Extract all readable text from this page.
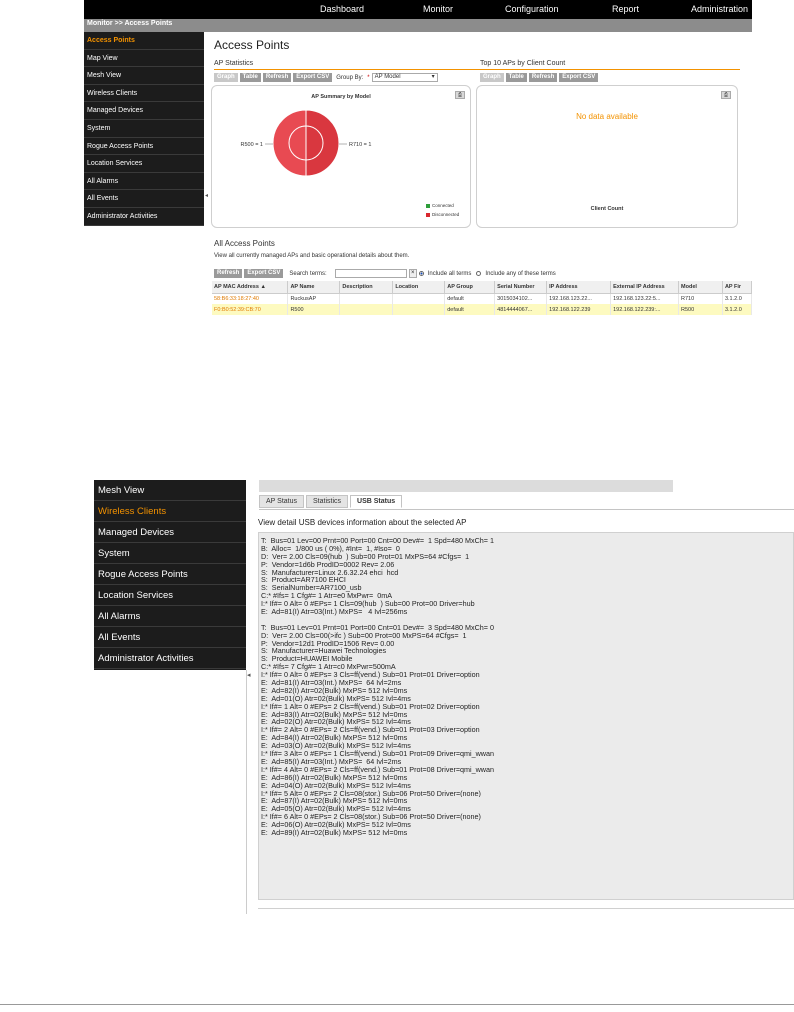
Dashboard	Monitor	Configuration	Report	Administration
Monitor >> Access Points
Access Points
Map View
Mesh View
Wireless Clients
Managed Devices
System
Rogue Access Points
Location Services
All Alarms
All Events
Administrator Activities
◂
Access Points
AP Statistics	Top 10 APs by Client Count
Graph	Table	Refresh	Export CSV	Group By: * AP Model ▾	Graph	Table	Refresh	Export CSV
AP Summary by Model	⎙
R500 = 1	R710 = 1
Connected
Disconnected
⎙
No data available
Client Count
All Access Points
View all currently managed APs and basic operational details about them.
Refresh	Export CSV	Search terms:	×	Include all terms Include any of these terms
AP MAC Address ▲	AP Name	Description	Location	AP Group	Serial Number	IP Address	External IP Address	Model	AP Fir
58:B6:33:18:27:40	RuckusAP			default	3015034102...	192.168.123.22...	192.168.123.22:5...	R710	3.1.2.0
F0:B0:52:39:CB:70	R500			default	4814444067...	192.168.122.239	192.168.122.239:...	R500	3.1.2.0
Mesh View
Wireless Clients
Managed Devices
System
Rogue Access Points
Location Services
All Alarms
All Events
Administrator Activities
◂
AP Status	Statistics	USB Status
View detail USB devices information about the selected AP
T:  Bus=01 Lev=00 Prnt=00 Port=00 Cnt=00 Dev#=  1 Spd=480 MxCh= 1
B:  Alloc=  1/800 us ( 0%), #Int=  1, #Iso=  0
D:  Ver= 2.00 Cls=09(hub  ) Sub=00 Prot=01 MxPS=64 #Cfgs=  1
P:  Vendor=1d6b ProdID=0002 Rev= 2.06
S:  Manufacturer=Linux 2.6.32.24 ehci_hcd
S:  Product=AR7100 EHCI
S:  SerialNumber=AR7100_usb
C:* #Ifs= 1 Cfg#= 1 Atr=e0 MxPwr=  0mA
I:* If#= 0 Alt= 0 #EPs= 1 Cls=09(hub  ) Sub=00 Prot=00 Driver=hub
E:  Ad=81(I) Atr=03(Int.) MxPS=   4 Ivl=256ms

T:  Bus=01 Lev=01 Prnt=01 Port=00 Cnt=01 Dev#=  3 Spd=480 MxCh= 0
D:  Ver= 2.00 Cls=00(>ifc ) Sub=00 Prot=00 MxPS=64 #Cfgs=  1
P:  Vendor=12d1 ProdID=1506 Rev= 0.00
S:  Manufacturer=Huawei Technologies
S:  Product=HUAWEI Mobile
C:* #Ifs= 7 Cfg#= 1 Atr=c0 MxPwr=500mA
I:* If#= 0 Alt= 0 #EPs= 3 Cls=ff(vend.) Sub=01 Prot=01 Driver=option
E:  Ad=81(I) Atr=03(Int.) MxPS=  64 Ivl=2ms
E:  Ad=82(I) Atr=02(Bulk) MxPS= 512 Ivl=0ms
E:  Ad=01(O) Atr=02(Bulk) MxPS= 512 Ivl=4ms
I:* If#= 1 Alt= 0 #EPs= 2 Cls=ff(vend.) Sub=01 Prot=02 Driver=option
E:  Ad=83(I) Atr=02(Bulk) MxPS= 512 Ivl=0ms
E:  Ad=02(O) Atr=02(Bulk) MxPS= 512 Ivl=4ms
I:* If#= 2 Alt= 0 #EPs= 2 Cls=ff(vend.) Sub=01 Prot=03 Driver=option
E:  Ad=84(I) Atr=02(Bulk) MxPS= 512 Ivl=0ms
E:  Ad=03(O) Atr=02(Bulk) MxPS= 512 Ivl=4ms
I:* If#= 3 Alt= 0 #EPs= 1 Cls=ff(vend.) Sub=01 Prot=09 Driver=qmi_wwan
E:  Ad=85(I) Atr=03(Int.) MxPS=  64 Ivl=2ms
I:* If#= 4 Alt= 0 #EPs= 2 Cls=ff(vend.) Sub=01 Prot=08 Driver=qmi_wwan
E:  Ad=86(I) Atr=02(Bulk) MxPS= 512 Ivl=0ms
E:  Ad=04(O) Atr=02(Bulk) MxPS= 512 Ivl=4ms
I:* If#= 5 Alt= 0 #EPs= 2 Cls=08(stor.) Sub=06 Prot=50 Driver=(none)
E:  Ad=87(I) Atr=02(Bulk) MxPS= 512 Ivl=0ms
E:  Ad=05(O) Atr=02(Bulk) MxPS= 512 Ivl=4ms
I:* If#= 6 Alt= 0 #EPs= 2 Cls=08(stor.) Sub=06 Prot=50 Driver=(none)
E:  Ad=06(O) Atr=02(Bulk) MxPS= 512 Ivl=0ms
E:  Ad=89(I) Atr=02(Bulk) MxPS= 512 Ivl=0ms
